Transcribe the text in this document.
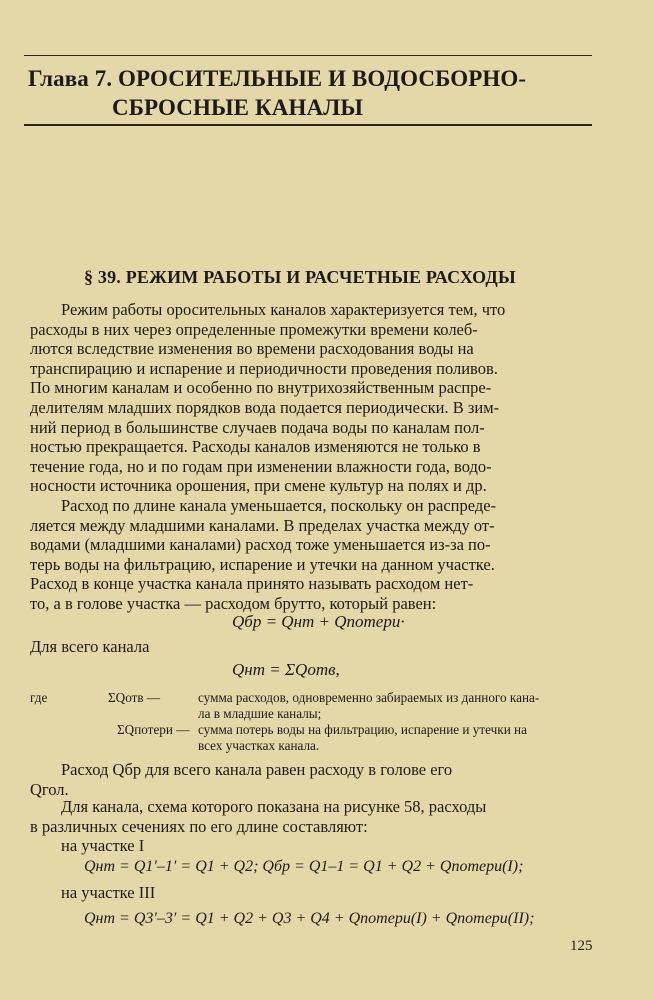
Глава 7. ОРОСИТЕЛЬНЫЕ И ВОДОСБОРНО-
СБРОСНЫЕ КАНАЛЫ
§ 39. РЕЖИМ РАБОТЫ И РАСЧЕТНЫЕ РАСХОДЫ
Режим работы оросительных каналов характеризуется тем, что
расходы в них через определенные промежутки времени колеб-
лются вследствие изменения во времени расходования воды на
транспирацию и испарение и периодичности проведения поливов.
По многим каналам и особенно по внутрихозяйственным распре-
делителям младших порядков вода подается периодически. В зим-
ний период в большинстве случаев подача воды по каналам пол-
ностью прекращается. Расходы каналов изменяются не только в
течение года, но и по годам при изменении влажности года, водо-
носности источника орошения, при смене культур на полях и др.
Расход по длине канала уменьшается, поскольку он распреде-
ляется между младшими каналами. В пределах участка между от-
водами (младшими каналами) расход тоже уменьшается из-за по-
терь воды на фильтрацию, испарение и утечки на данном участке.
Расход в конце участка канала принято называть расходом нет-
то, а в голове участка — расходом брутто, который равен:
Qбр = Qнт + Qпотери·
Для всего канала
Qнт = ΣQотв,
где	ΣQотв —	сумма расходов, одновременно забираемых из данного кана-
ла в младшие каналы;
ΣQпотери — сумма потерь воды на фильтрацию, испарение и утечки на
всех участках канала.
Расход Qбр для всего канала равен расходу в голове его
Qгол.
Для канала, схема которого показана на рисунке 58, расходы
в различных сечениях по его длине составляют:
на участке I
Qнт = Q1′–1′ = Q1 + Q2; Qбр = Q1–1 = Q1 + Q2 + Qпотери(I);
на участке III
Qнт = Q3′–3′ = Q1 + Q2 + Q3 + Q4 + Qпотери(I) + Qпотери(II);
125
